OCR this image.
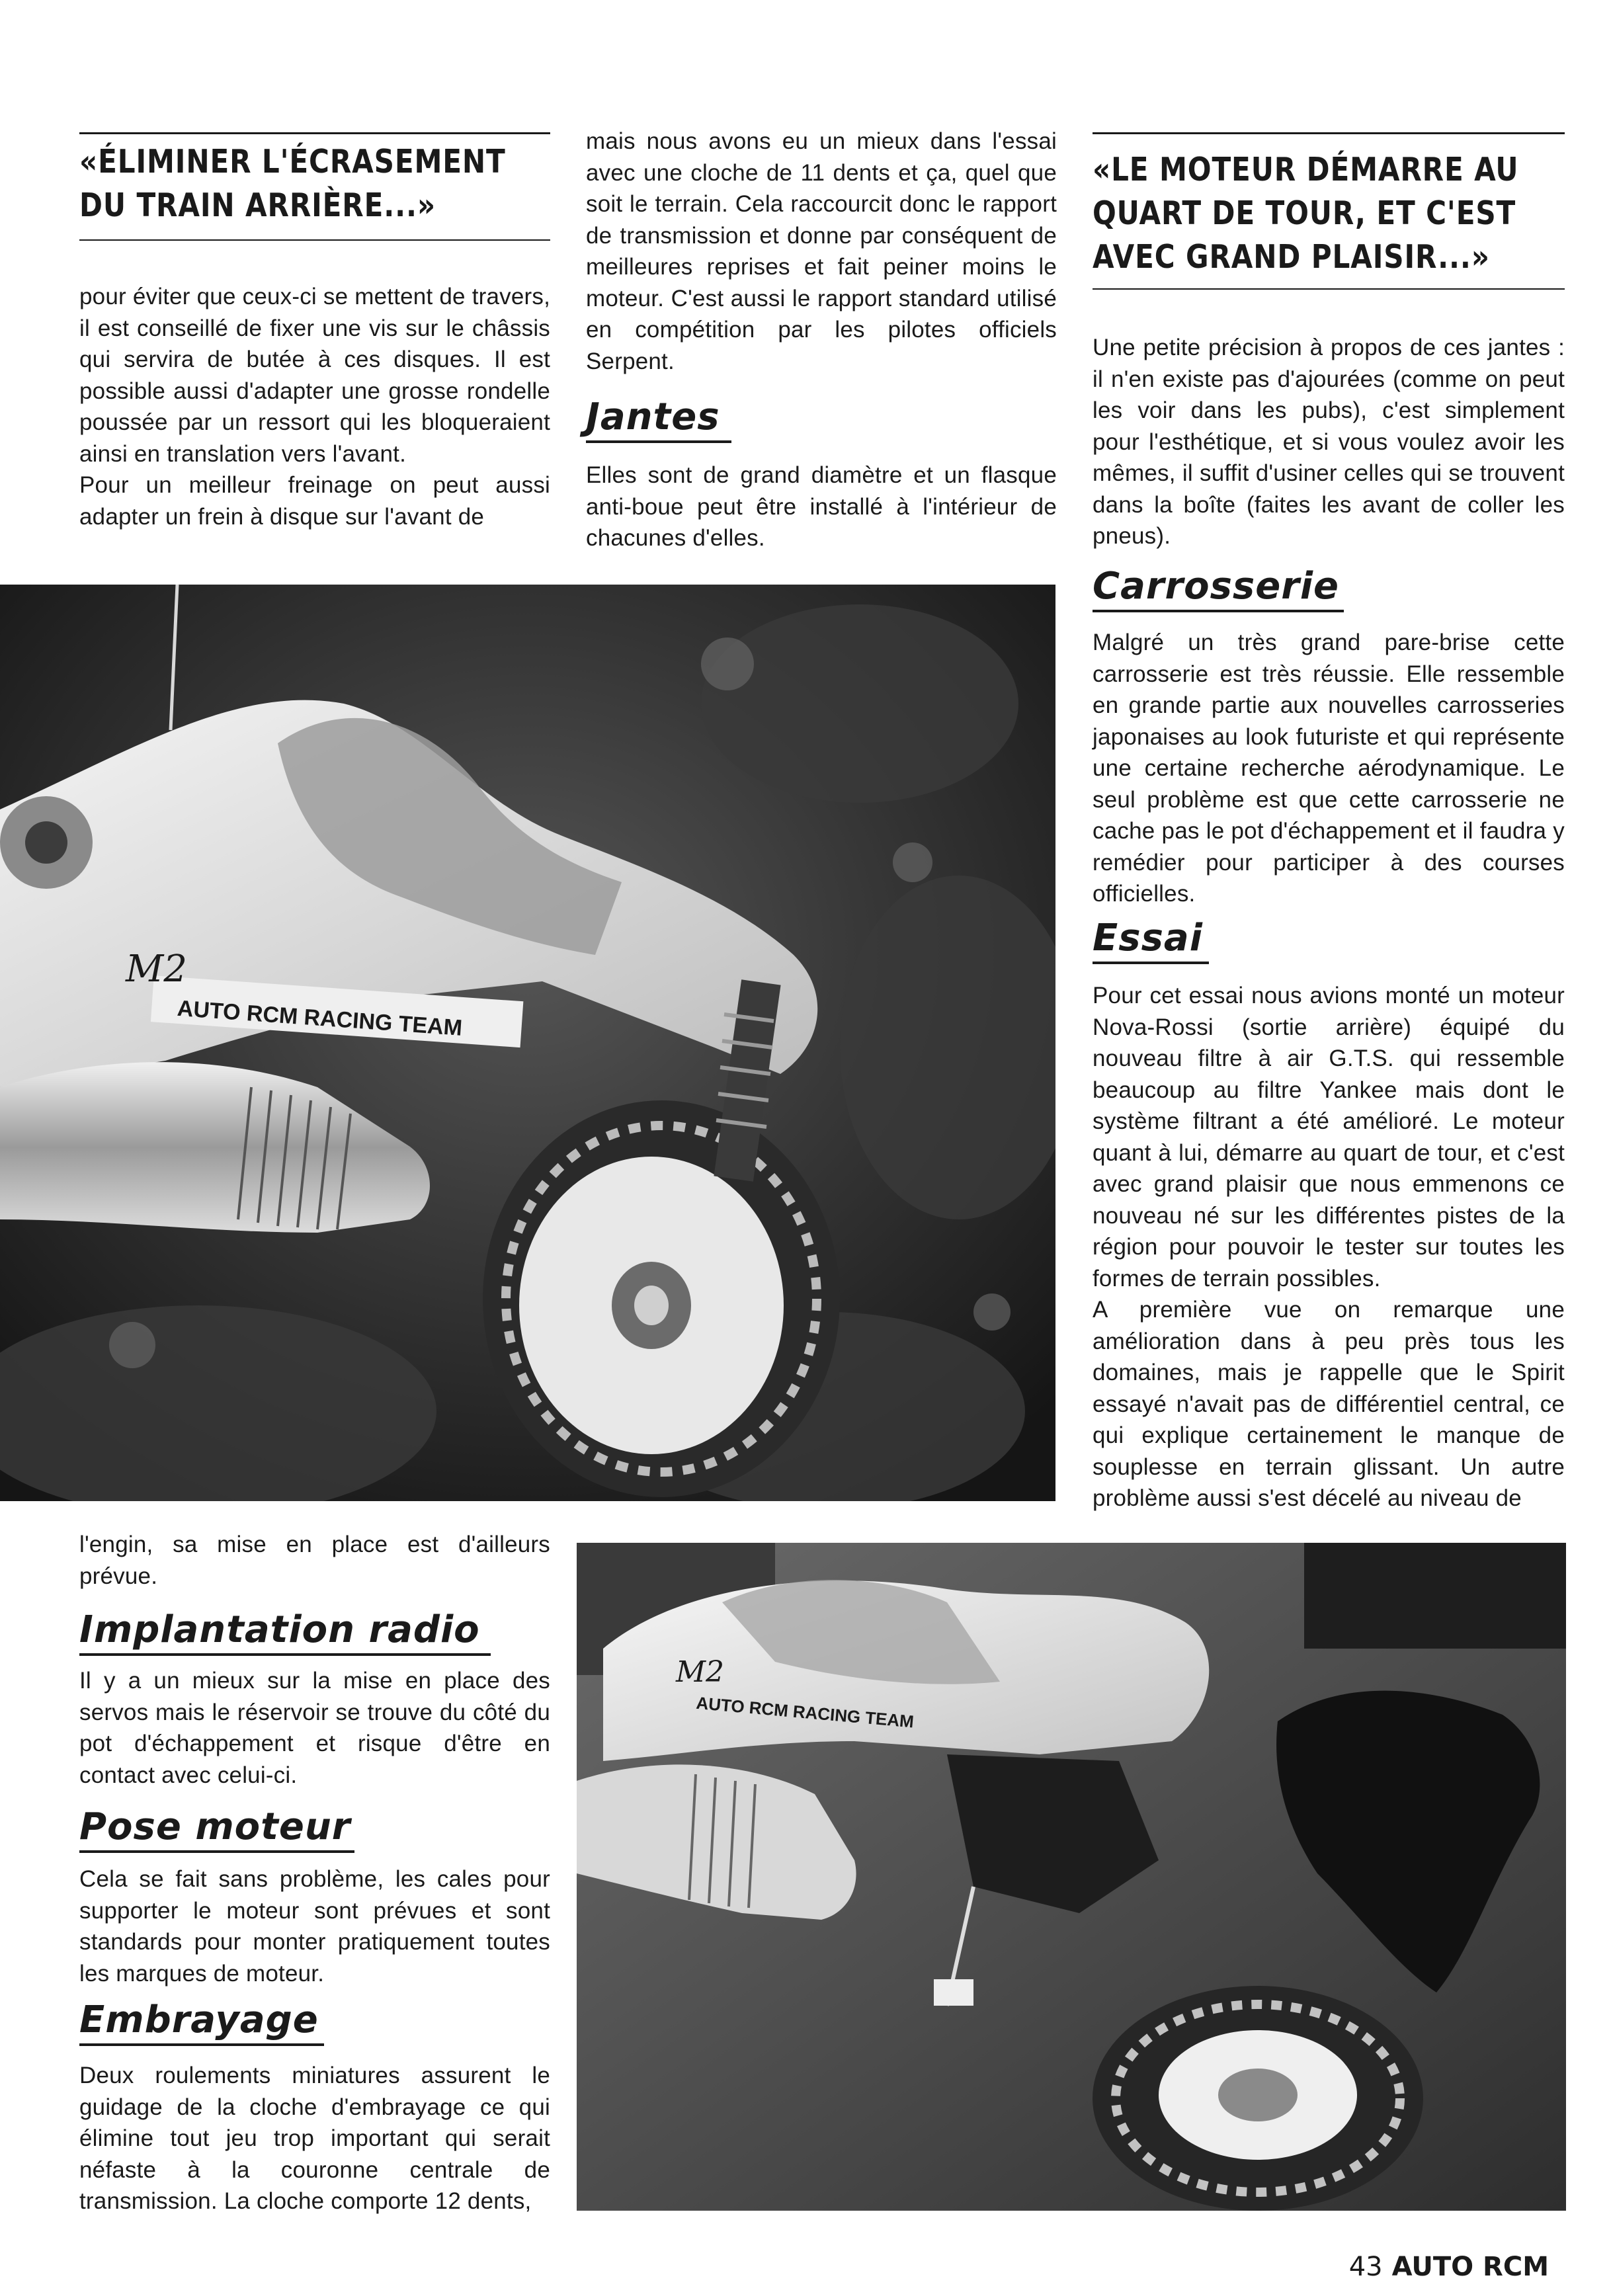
«ÉLIMINER L'ÉCRASEMENT DU TRAIN ARRIÈRE...»

pour éviter que ceux-ci se mettent de travers, il est conseillé de fixer une vis sur le châssis qui servira de butée à ces disques. Il est possible aussi d'adapter une grosse rondelle poussée par un ressort qui les bloqueraient ainsi en translation vers l'avant.
Pour un meilleur freinage on peut aussi adapter un frein à disque sur l'avant de

mais nous avons eu un mieux dans l'essai avec une cloche de 11 dents et ça, quel que soit le terrain. Cela raccourcit donc le rapport de transmission et donne par conséquent de meilleures reprises et fait peiner moins le moteur. C'est aussi le rapport standard utilisé en compétition par les pilotes officiels Serpent.

Jantes

Elles sont de grand diamètre et un flasque anti-boue peut être installé à l'intérieur de chacunes d'elles.

«LE MOTEUR DÉMARRE AU QUART DE TOUR, ET C'EST AVEC GRAND PLAISIR...»

Une petite précision à propos de ces jantes : il n'en existe pas d'ajourées (comme on peut les voir dans les pubs), c'est simplement pour l'esthétique, et si vous voulez avoir les mêmes, il suffit d'usiner celles qui se trouvent dans la boîte (faites les avant de coller les pneus).

Carrosserie

Malgré un très grand pare-brise cette carrosserie est très réussie. Elle ressemble en grande partie aux nouvelles carrosseries japonaises au look futuriste et qui représente une certaine recherche aérodynamique. Le seul problème est que cette carrosserie ne cache pas le pot d'échappement et il faudra y remédier pour participer à des courses officielles.

Essai

Pour cet essai nous avions monté un moteur Nova-Rossi (sortie arrière) équipé du nouveau filtre à air G.T.S. qui ressemble beaucoup au filtre Yankee mais dont le système filtrant a été amélioré. Le moteur quant à lui, démarre au quart de tour, et c'est avec grand plaisir que nous emmenons ce nouveau né sur les différentes pistes de la région pour pouvoir le tester sur toutes les formes de terrain possibles.
A première vue on remarque une amélioration dans à peu près tous les domaines, mais je rappelle que le Spirit essayé n'avait pas de différentiel central, ce qui explique certainement le manque de souplesse en terrain glissant. Un autre problème aussi s'est décelé au niveau de

M2
AUTO RCM RACING TEAM

l'engin, sa mise en place est d'ailleurs prévue.

Implantation radio

Il y a un mieux sur la mise en place des servos mais le réservoir se trouve du côté du pot d'échappement et risque d'être en contact avec celui-ci.

Pose moteur

Cela se fait sans problème, les cales pour supporter le moteur sont prévues et sont standards pour monter pratiquement toutes les marques de moteur.

Embrayage

Deux roulements miniatures assurent le guidage de la cloche d'embrayage ce qui élimine tout jeu trop important qui serait néfaste à la couronne centrale de transmission. La cloche comporte 12 dents,

M2
AUTO RCM RACING TEAM
43 AUTO RCM
